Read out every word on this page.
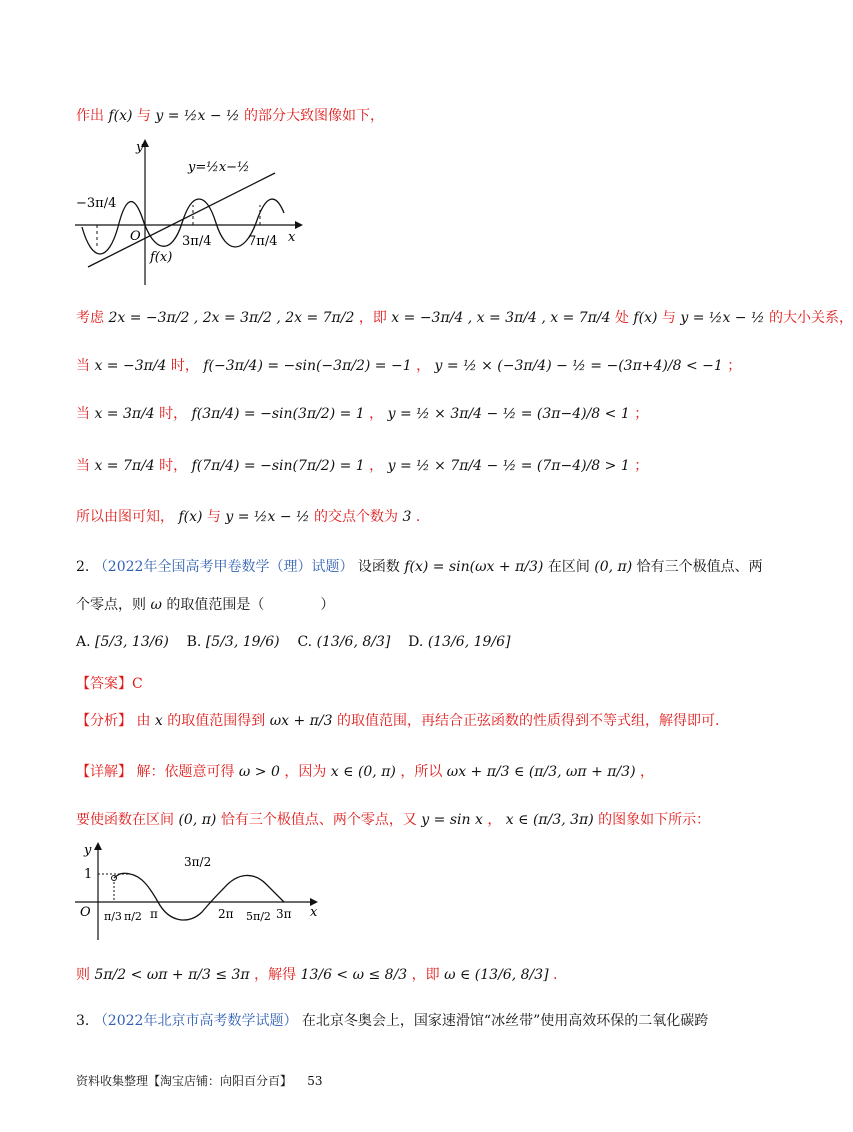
作出 f(x) 与 y = ½x − ½ 的部分大致图像如下，
y
x
O
y=½x−½
−3π/4
3π/4	7π/4
f(x)
考虑 2x = −3π/2 , 2x = 3π/2 , 2x = 7π/2 ，即 x = −3π/4 , x = 3π/4 , x = 7π/4 处 f(x) 与 y = ½x − ½ 的大小关系，
当 x = −3π/4 时， f(−3π/4) = −sin(−3π/2) = −1 ， y = ½ × (−3π/4) − ½ = −(3π+4)/8 < −1 ；
当 x = 3π/4 时， f(3π/4) = −sin(3π/2) = 1 ， y = ½ × 3π/4 − ½ = (3π−4)/8 < 1 ；
当 x = 7π/4 时， f(7π/4) = −sin(7π/2) = 1 ， y = ½ × 7π/4 − ½ = (7π−4)/8 > 1 ；
所以由图可知， f(x) 与 y = ½x − ½ 的交点个数为 3 .
2. （2022年全国高考甲卷数学（理）试题） 设函数 f(x) = sin(ωx + π/3) 在区间 (0, π) 恰有三个极值点、两
个零点，则 ω 的取值范围是（　　　　）
A. [5/3, 13/6) B. [5/3, 19/6) C. (13/6, 8/3] D. (13/6, 19/6]
【答案】C
【分析】 由 x 的取值范围得到 ωx + π/3 的取值范围，再结合正弦函数的性质得到不等式组，解得即可.
【详解】 解：依题意可得 ω > 0 ，因为 x ∈ (0, π) ，所以 ωx + π/3 ∈ (π/3, ωπ + π/3) ，
要使函数在区间 (0, π) 恰有三个极值点、两个零点，又 y = sin x ， x ∈ (π/3, 3π) 的图象如下所示：
y
x
O
1
π/3 π/2 π
3π/2
2π 5π/2 3π
则 5π/2 < ωπ + π/3 ≤ 3π ，解得 13/6 < ω ≤ 8/3 ，即 ω ∈ (13/6, 8/3] .
3. （2022年北京市高考数学试题） 在北京冬奥会上，国家速滑馆“冰丝带”使用高效环保的二氧化碳跨
资料收集整理【淘宝店铺：向阳百分百】 53
